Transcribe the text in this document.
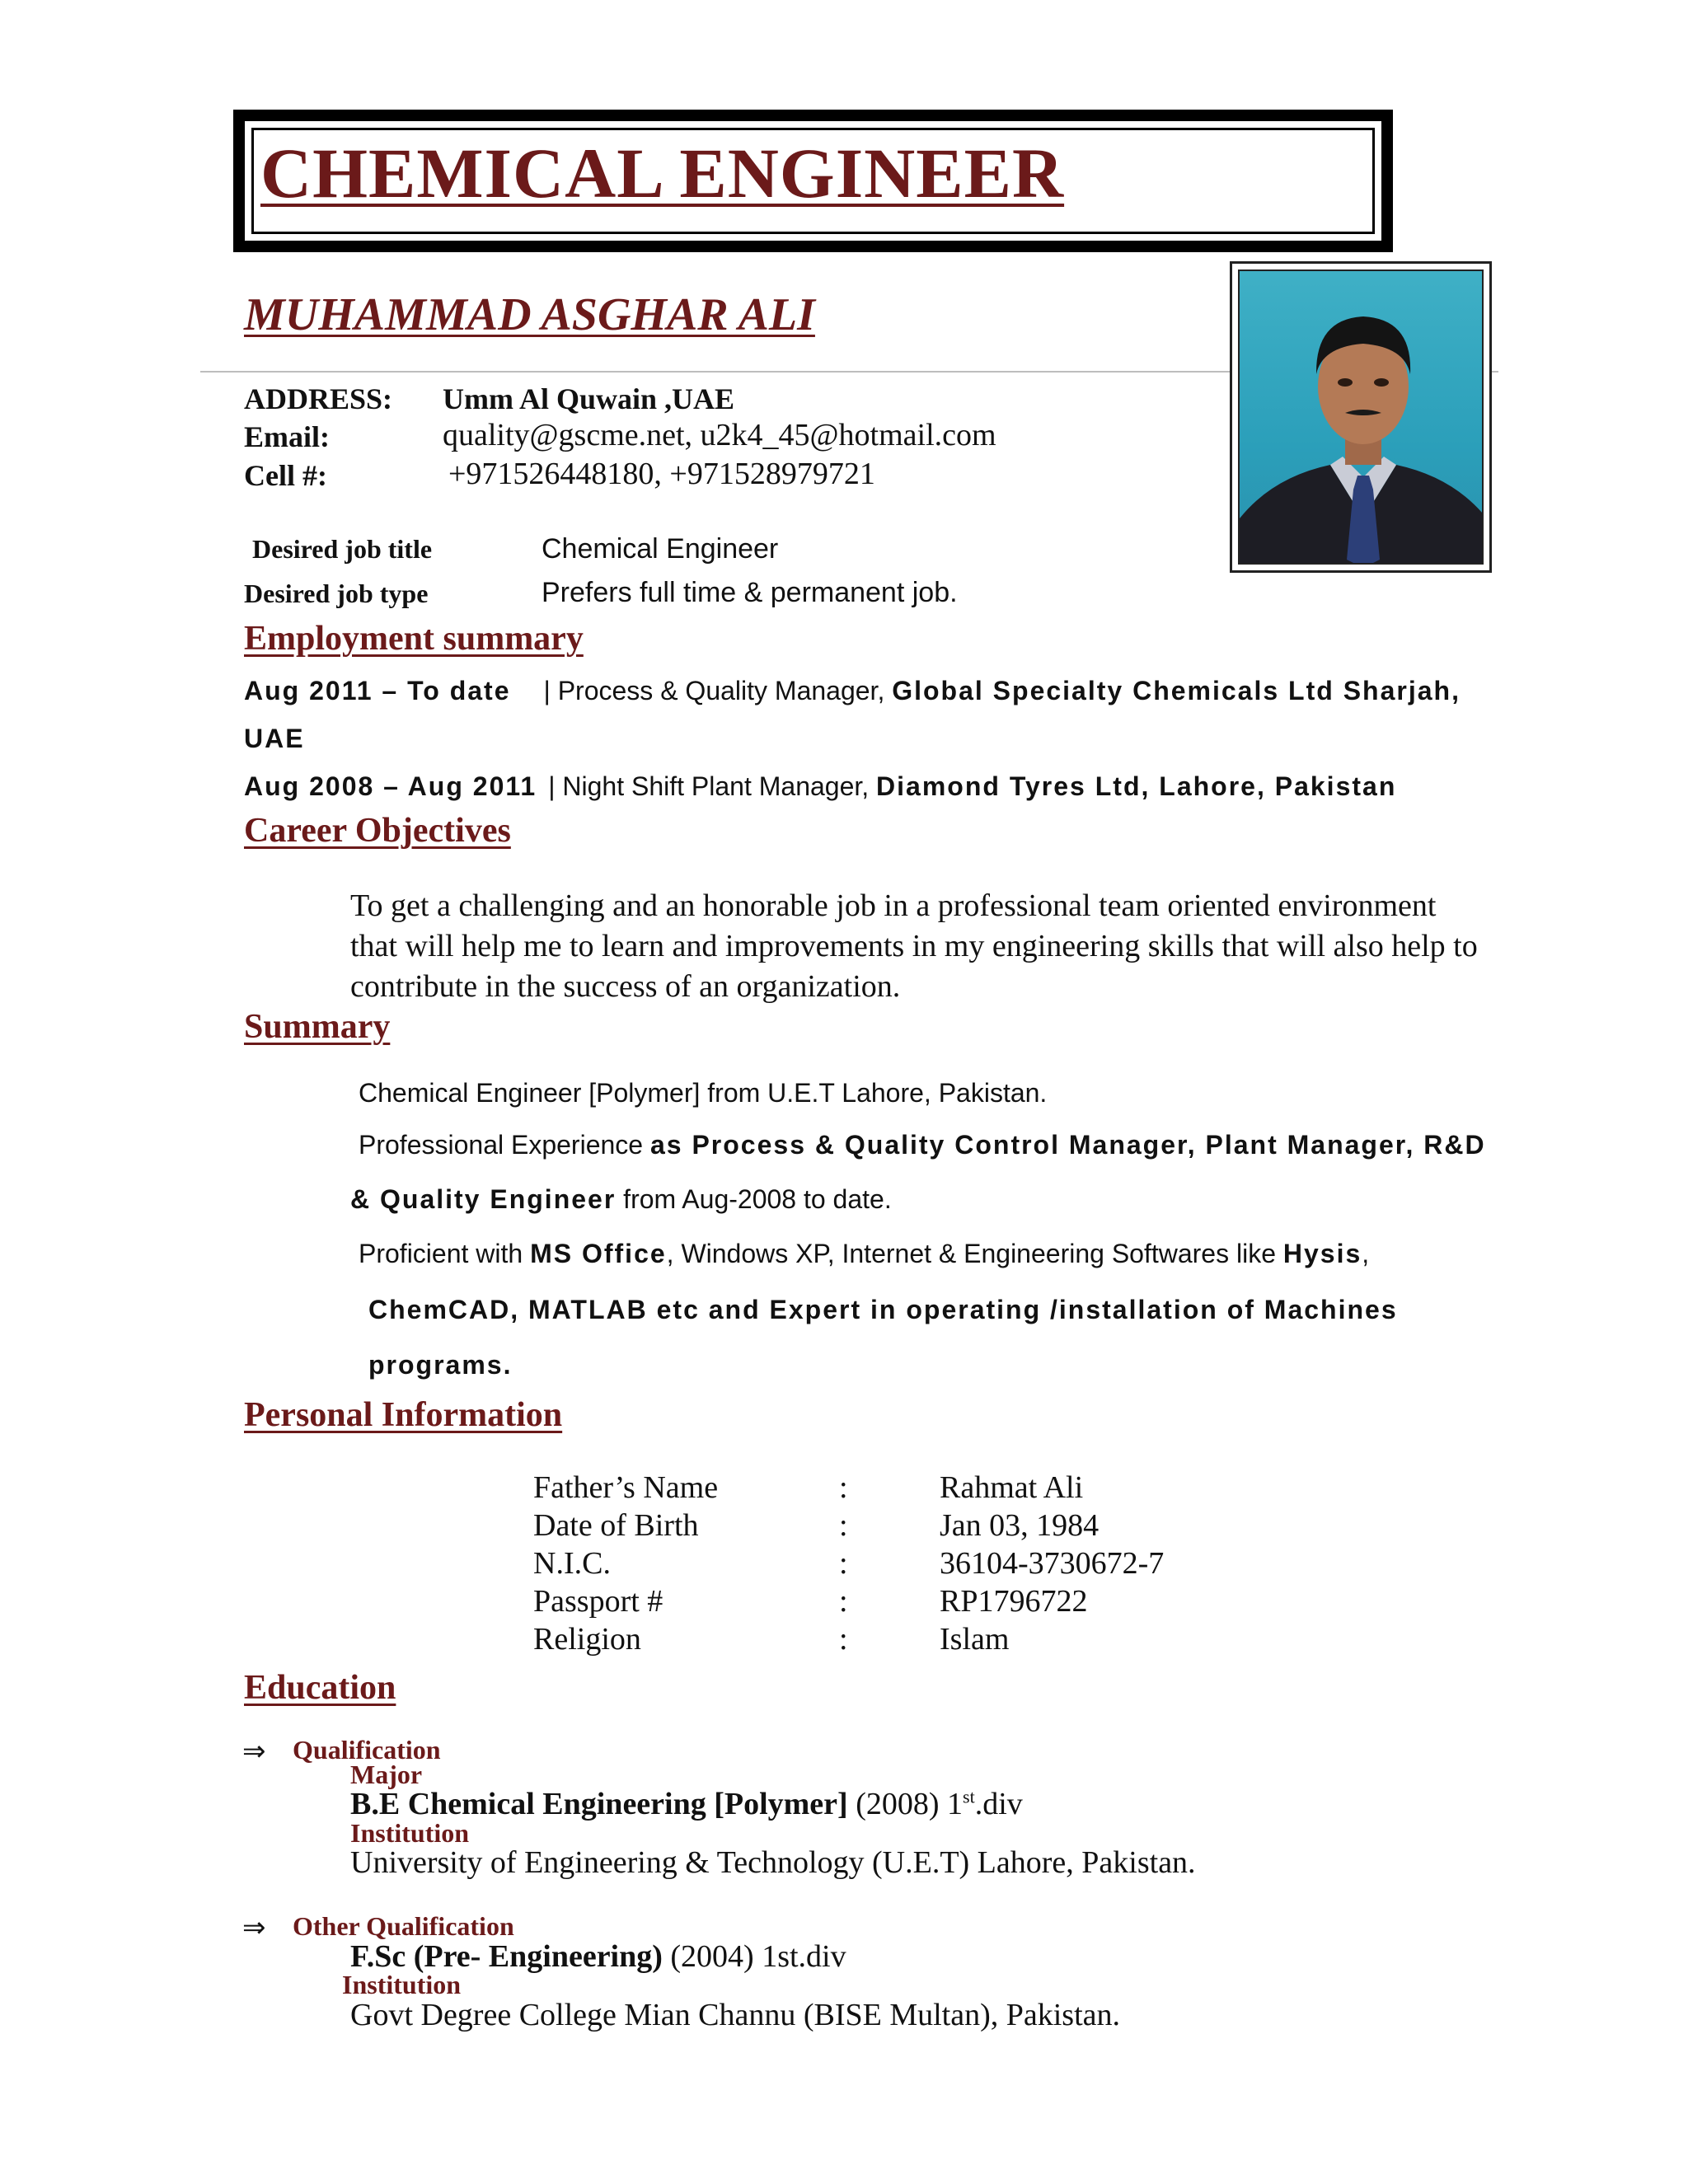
CHEMICAL ENGINEER
MUHAMMAD ASGHAR ALI
ADDRESS: Umm Al Quwain ,UAE
Email:	quality@gscme.net, u2k4_45@hotmail.com
Cell #:	+971526448180, +971528979721
Desired job title	Chemical Engineer
Desired job type	Prefers full time & permanent job.
Employment summary
Aug 2011 – To date | Process & Quality Manager, Global Specialty Chemicals Ltd Sharjah,
UAE
Aug 2008 – Aug 2011 | Night Shift Plant Manager, Diamond Tyres Ltd, Lahore, Pakistan
Career Objectives
To get a challenging and an honorable job in a professional team oriented environment
that will help me to learn and improvements in my engineering skills that will also help to
contribute in the success of an organization.
Summary
Chemical Engineer [Polymer] from U.E.T Lahore, Pakistan.
Professional Experience as Process & Quality Control Manager, Plant Manager, R&D
& Quality Engineer from Aug-2008 to date.
Proficient with MS Office, Windows XP, Internet & Engineering Softwares like Hysis,
ChemCAD, MATLAB etc and Expert in operating /installation of Machines
programs.
Personal Information
Father’s Name	:	Rahmat Ali
Date of Birth	:	Jan 03, 1984
N.I.C.	:	36104-3730672-7
Passport #	:	RP1796722
Religion	:	Islam
Education
⇒ Qualification
Major
B.E Chemical Engineering [Polymer] (2008) 1st.div
Institution
University of Engineering & Technology (U.E.T) Lahore, Pakistan.
⇒ Other Qualification
F.Sc (Pre- Engineering) (2004) 1st.div
Institution
Govt Degree College Mian Channu (BISE Multan), Pakistan.
